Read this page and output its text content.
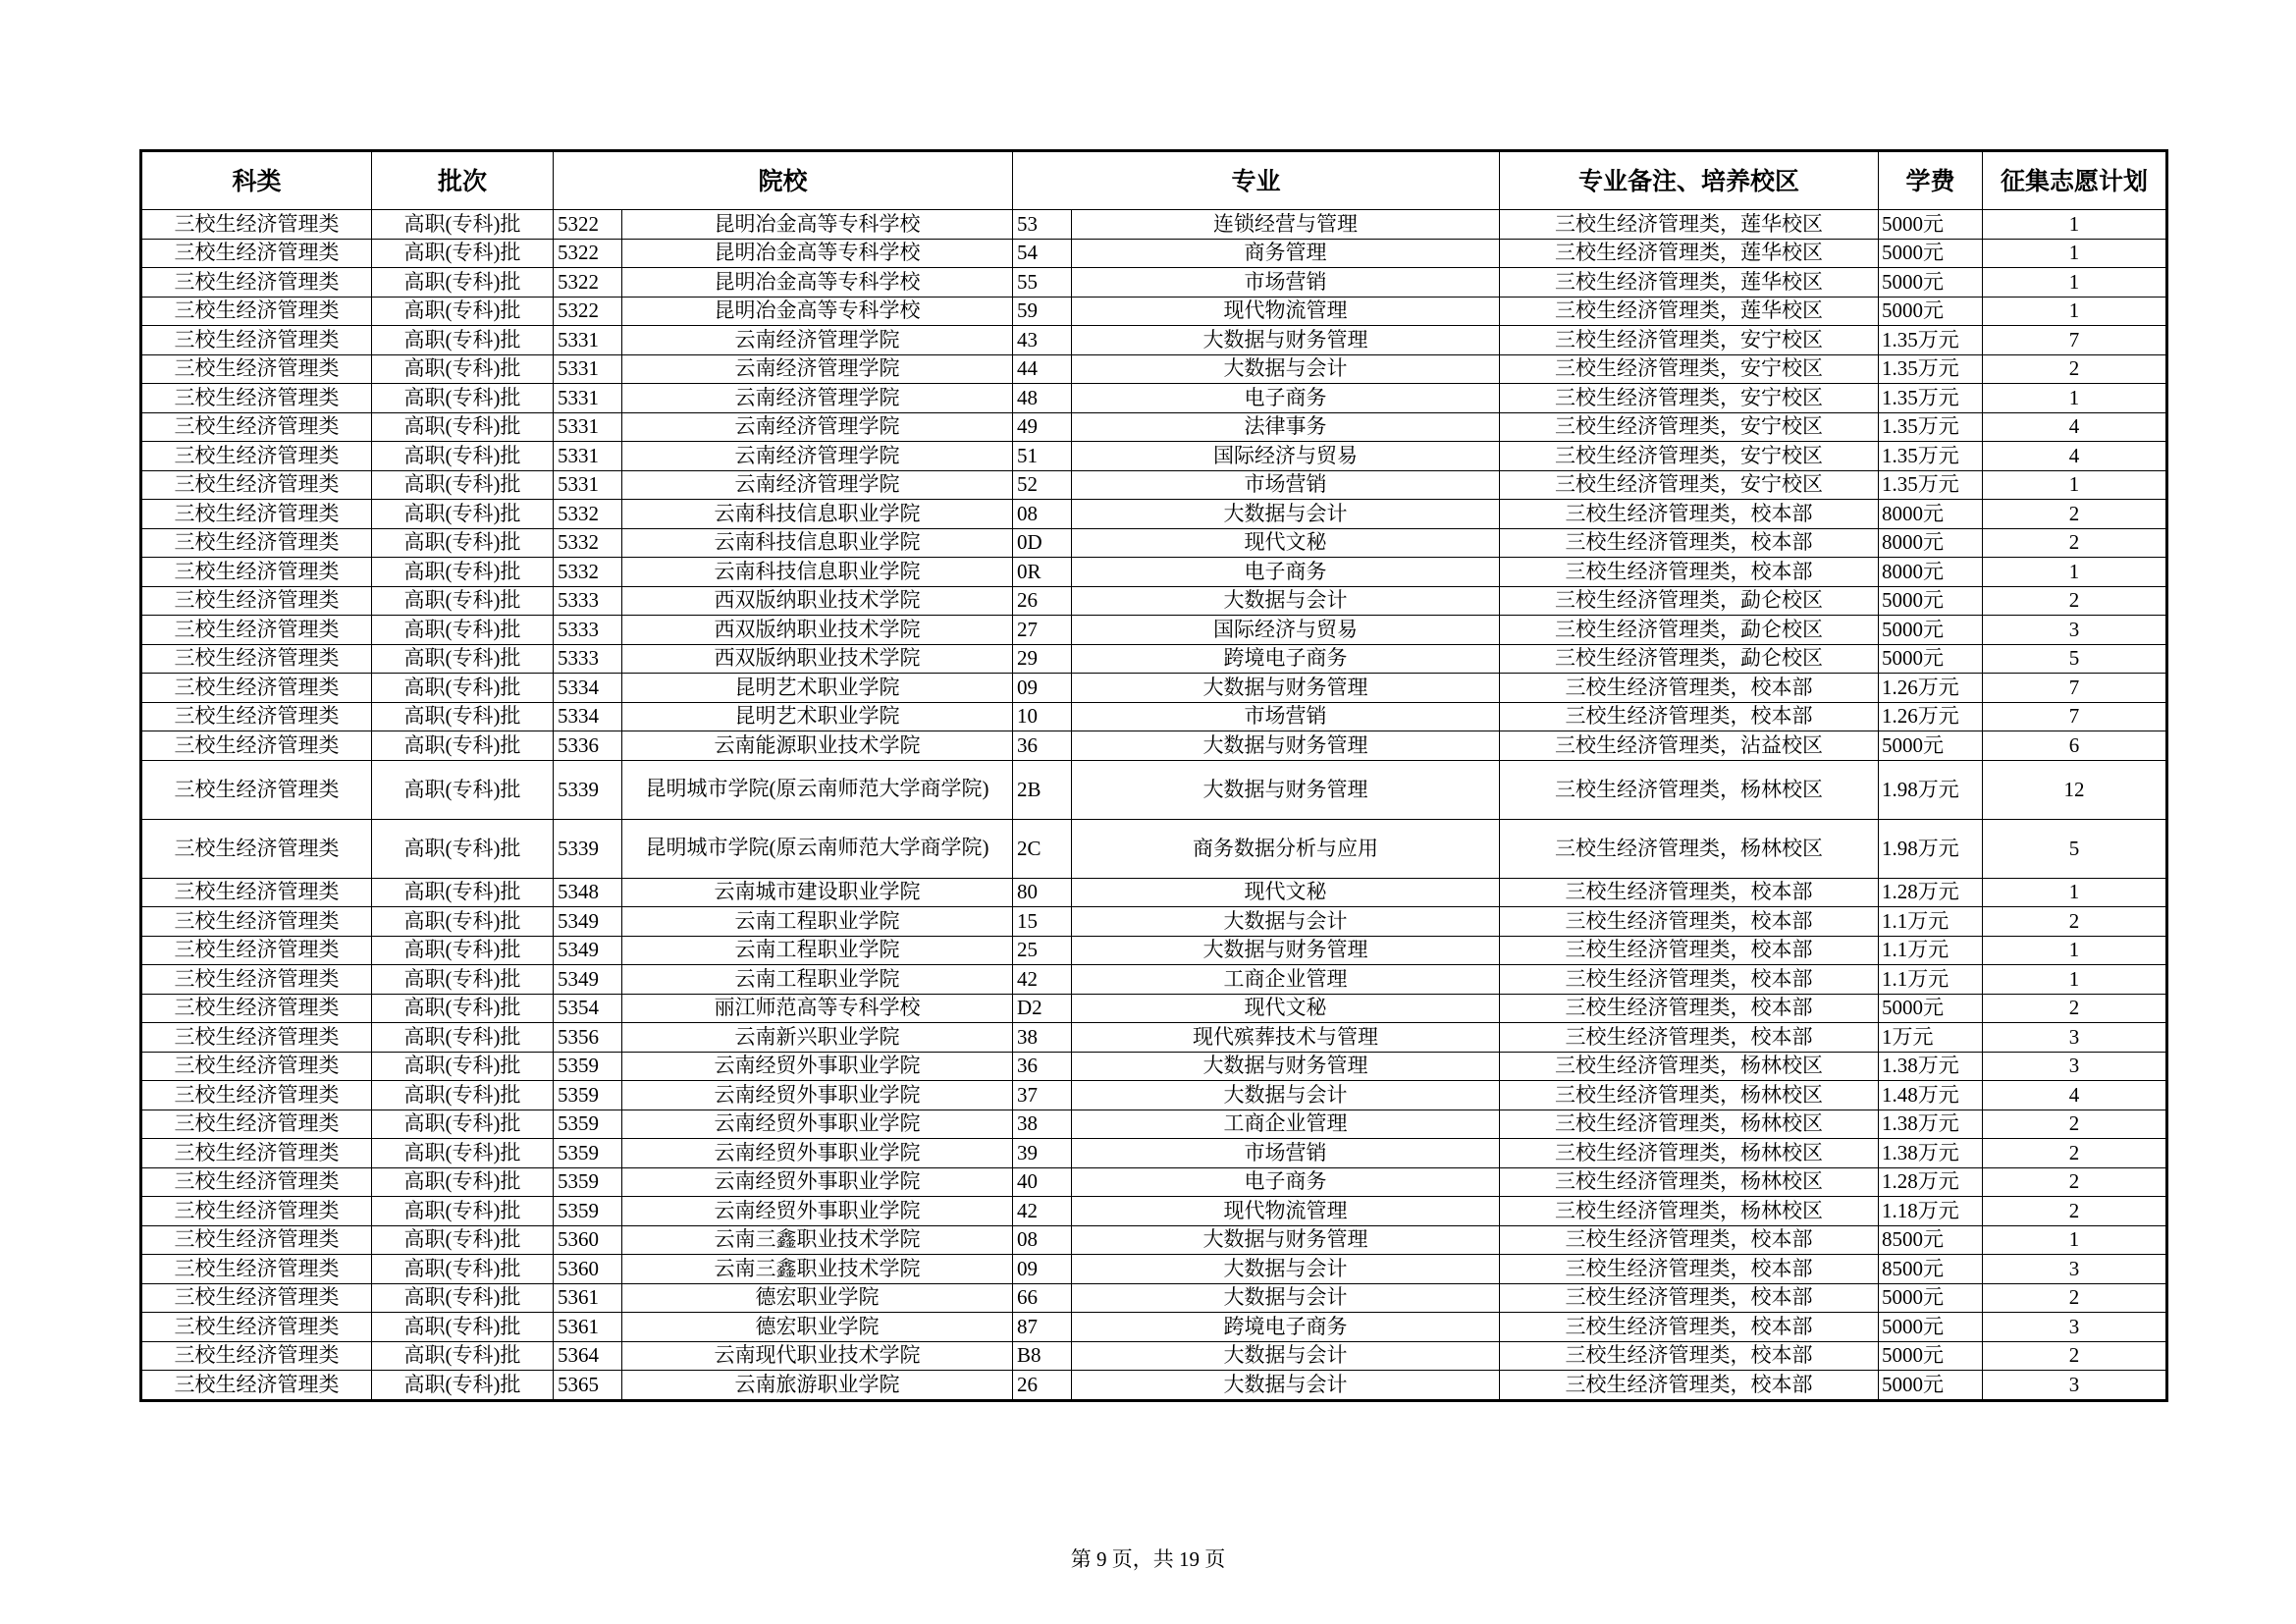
科类	批次	院校		专业		专业备注、培养校区	学费	征集志愿计划
三校生经济管理类	高职(专科)批	5322	昆明冶金高等专科学校	53	连锁经营与管理	三校生经济管理类，莲华校区	5000元	1
三校生经济管理类	高职(专科)批	5322	昆明冶金高等专科学校	54	商务管理	三校生经济管理类，莲华校区	5000元	1
三校生经济管理类	高职(专科)批	5322	昆明冶金高等专科学校	55	市场营销	三校生经济管理类，莲华校区	5000元	1
三校生经济管理类	高职(专科)批	5322	昆明冶金高等专科学校	59	现代物流管理	三校生经济管理类，莲华校区	5000元	1
三校生经济管理类	高职(专科)批	5331	云南经济管理学院	43	大数据与财务管理	三校生经济管理类，安宁校区	1.35万元	7
三校生经济管理类	高职(专科)批	5331	云南经济管理学院	44	大数据与会计	三校生经济管理类，安宁校区	1.35万元	2
三校生经济管理类	高职(专科)批	5331	云南经济管理学院	48	电子商务	三校生经济管理类，安宁校区	1.35万元	1
三校生经济管理类	高职(专科)批	5331	云南经济管理学院	49	法律事务	三校生经济管理类，安宁校区	1.35万元	4
三校生经济管理类	高职(专科)批	5331	云南经济管理学院	51	国际经济与贸易	三校生经济管理类，安宁校区	1.35万元	4
三校生经济管理类	高职(专科)批	5331	云南经济管理学院	52	市场营销	三校生经济管理类，安宁校区	1.35万元	1
三校生经济管理类	高职(专科)批	5332	云南科技信息职业学院	08	大数据与会计	三校生经济管理类，校本部	8000元	2
三校生经济管理类	高职(专科)批	5332	云南科技信息职业学院	0D	现代文秘	三校生经济管理类，校本部	8000元	2
三校生经济管理类	高职(专科)批	5332	云南科技信息职业学院	0R	电子商务	三校生经济管理类，校本部	8000元	1
三校生经济管理类	高职(专科)批	5333	西双版纳职业技术学院	26	大数据与会计	三校生经济管理类，勐仑校区	5000元	2
三校生经济管理类	高职(专科)批	5333	西双版纳职业技术学院	27	国际经济与贸易	三校生经济管理类，勐仑校区	5000元	3
三校生经济管理类	高职(专科)批	5333	西双版纳职业技术学院	29	跨境电子商务	三校生经济管理类，勐仑校区	5000元	5
三校生经济管理类	高职(专科)批	5334	昆明艺术职业学院	09	大数据与财务管理	三校生经济管理类，校本部	1.26万元	7
三校生经济管理类	高职(专科)批	5334	昆明艺术职业学院	10	市场营销	三校生经济管理类，校本部	1.26万元	7
三校生经济管理类	高职(专科)批	5336	云南能源职业技术学院	36	大数据与财务管理	三校生经济管理类，沾益校区	5000元	6
三校生经济管理类	高职(专科)批	5339	昆明城市学院(原云南师范大学商学院)	2B	大数据与财务管理	三校生经济管理类，杨林校区	1.98万元	12
三校生经济管理类	高职(专科)批	5339	昆明城市学院(原云南师范大学商学院)	2C	商务数据分析与应用	三校生经济管理类，杨林校区	1.98万元	5
三校生经济管理类	高职(专科)批	5348	云南城市建设职业学院	80	现代文秘	三校生经济管理类，校本部	1.28万元	1
三校生经济管理类	高职(专科)批	5349	云南工程职业学院	15	大数据与会计	三校生经济管理类，校本部	1.1万元	2
三校生经济管理类	高职(专科)批	5349	云南工程职业学院	25	大数据与财务管理	三校生经济管理类，校本部	1.1万元	1
三校生经济管理类	高职(专科)批	5349	云南工程职业学院	42	工商企业管理	三校生经济管理类，校本部	1.1万元	1
三校生经济管理类	高职(专科)批	5354	丽江师范高等专科学校	D2	现代文秘	三校生经济管理类，校本部	5000元	2
三校生经济管理类	高职(专科)批	5356	云南新兴职业学院	38	现代殡葬技术与管理	三校生经济管理类，校本部	1万元	3
三校生经济管理类	高职(专科)批	5359	云南经贸外事职业学院	36	大数据与财务管理	三校生经济管理类，杨林校区	1.38万元	3
三校生经济管理类	高职(专科)批	5359	云南经贸外事职业学院	37	大数据与会计	三校生经济管理类，杨林校区	1.48万元	4
三校生经济管理类	高职(专科)批	5359	云南经贸外事职业学院	38	工商企业管理	三校生经济管理类，杨林校区	1.38万元	2
三校生经济管理类	高职(专科)批	5359	云南经贸外事职业学院	39	市场营销	三校生经济管理类，杨林校区	1.38万元	2
三校生经济管理类	高职(专科)批	5359	云南经贸外事职业学院	40	电子商务	三校生经济管理类，杨林校区	1.28万元	2
三校生经济管理类	高职(专科)批	5359	云南经贸外事职业学院	42	现代物流管理	三校生经济管理类，杨林校区	1.18万元	2
三校生经济管理类	高职(专科)批	5360	云南三鑫职业技术学院	08	大数据与财务管理	三校生经济管理类，校本部	8500元	1
三校生经济管理类	高职(专科)批	5360	云南三鑫职业技术学院	09	大数据与会计	三校生经济管理类，校本部	8500元	3
三校生经济管理类	高职(专科)批	5361	德宏职业学院	66	大数据与会计	三校生经济管理类，校本部	5000元	2
三校生经济管理类	高职(专科)批	5361	德宏职业学院	87	跨境电子商务	三校生经济管理类，校本部	5000元	3
三校生经济管理类	高职(专科)批	5364	云南现代职业技术学院	B8	大数据与会计	三校生经济管理类，校本部	5000元	2
三校生经济管理类	高职(专科)批	5365	云南旅游职业学院	26	大数据与会计	三校生经济管理类，校本部	5000元	3
第 9 页，共 19 页
